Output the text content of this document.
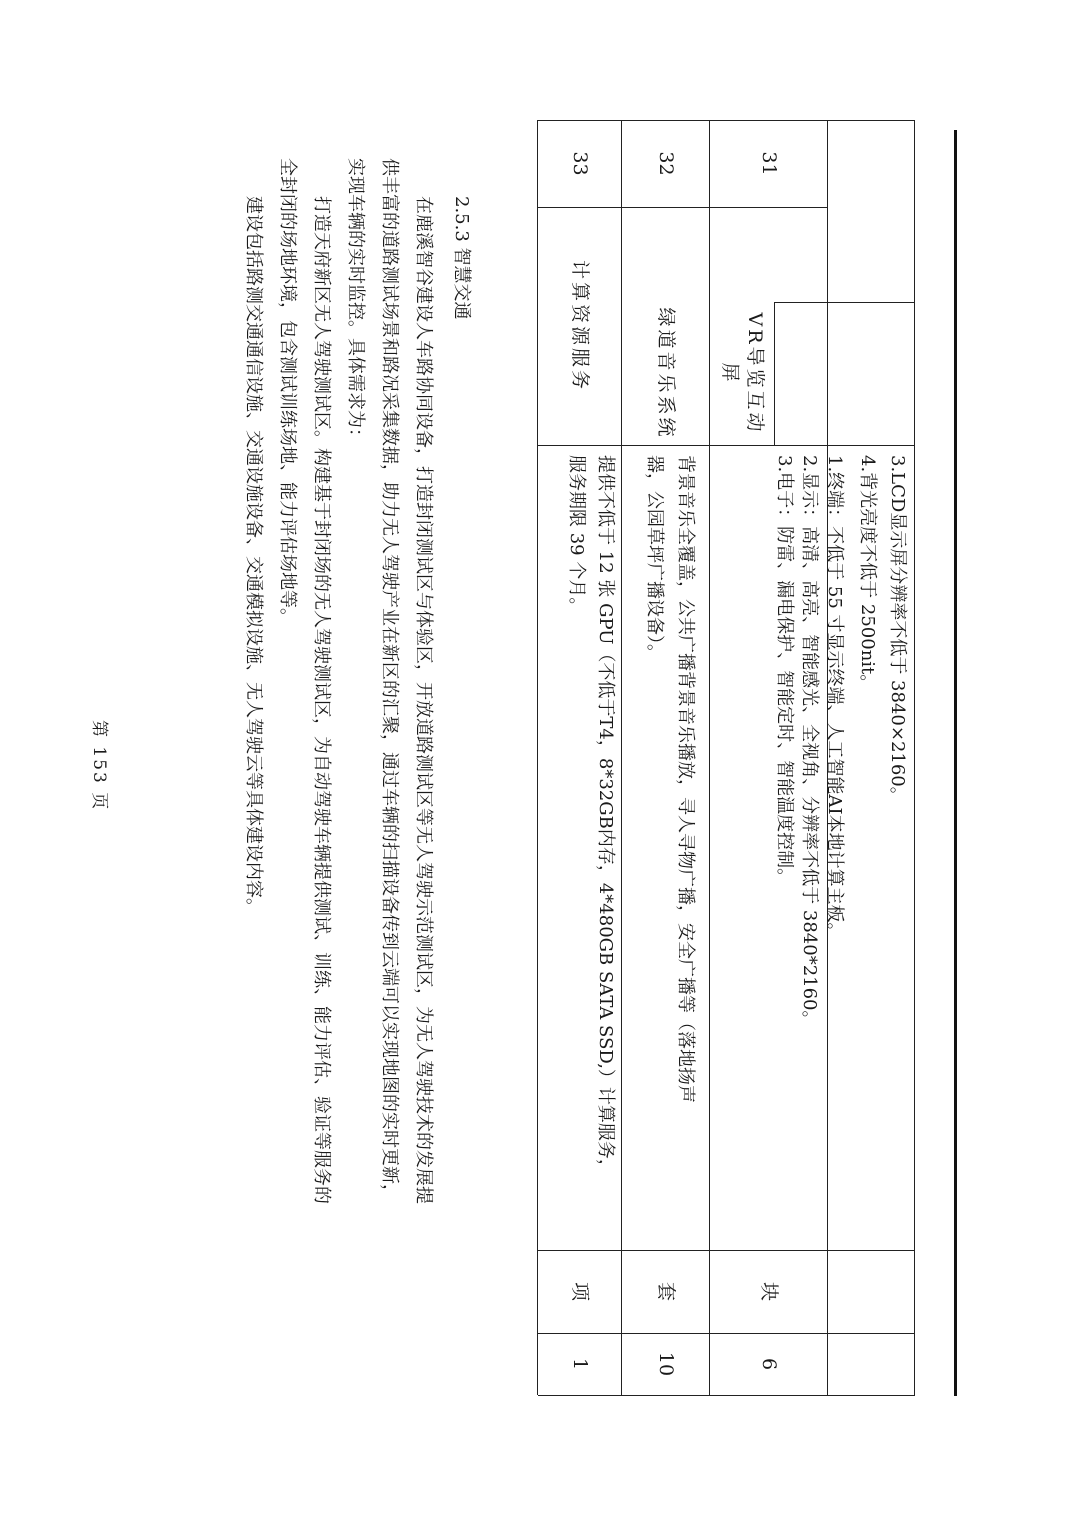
3.LCD显示屏分辨率不低于 3840×2160。
31
VR导览互动屏
4.背光亮度不低于 2500nit。
1.终端：不低于 55 寸显示终端、人工智能AI本地计算主板。
2.显示：高清、高亮、智能感光、全视角、分辨率不低于 3840*2160。
3.电子：防雷、漏电保护、智能定时、智能温度控制。
块
6
32
绿道音乐系统
背景音乐全覆盖，公共广播背景音乐播放，寻人寻物广播，安全广播等（落地扬声
器，公园草坪广播设备）。
套
10
33
计算资源服务
提供不低于 12 张 GPU（不低于T4，8*32GB内存，4*480GB SATA SSD,）计算服务，
服务期限 39 个月。
项
1
2.5.3 智慧交通

在鹿溪智谷建设人车路协同设备，打造封闭测试区与体验区，开放道路测试区等无人驾驶示范测试区，为无人驾驶技术的发展提

供丰富的道路测试场景和路况采集数据，助力无人驾驶产业在新区的汇聚，通过车辆的扫描设备传到云端可以实现地图的实时更新，

实现车辆的实时监控。具体需求为：

打造天府新区无人驾驶测试区。构建基于封闭场的无人驾驶测试区，为自动驾驶车辆提供测试、训练、能力评估、验证等服务的

全封闭的场地环境，包含测试训练场地、能力评估场地等。

建设包括路测交通通信设施、交通设施设备、交通模拟设施、无人驾驶云等具体建设内容。

第 153 页
